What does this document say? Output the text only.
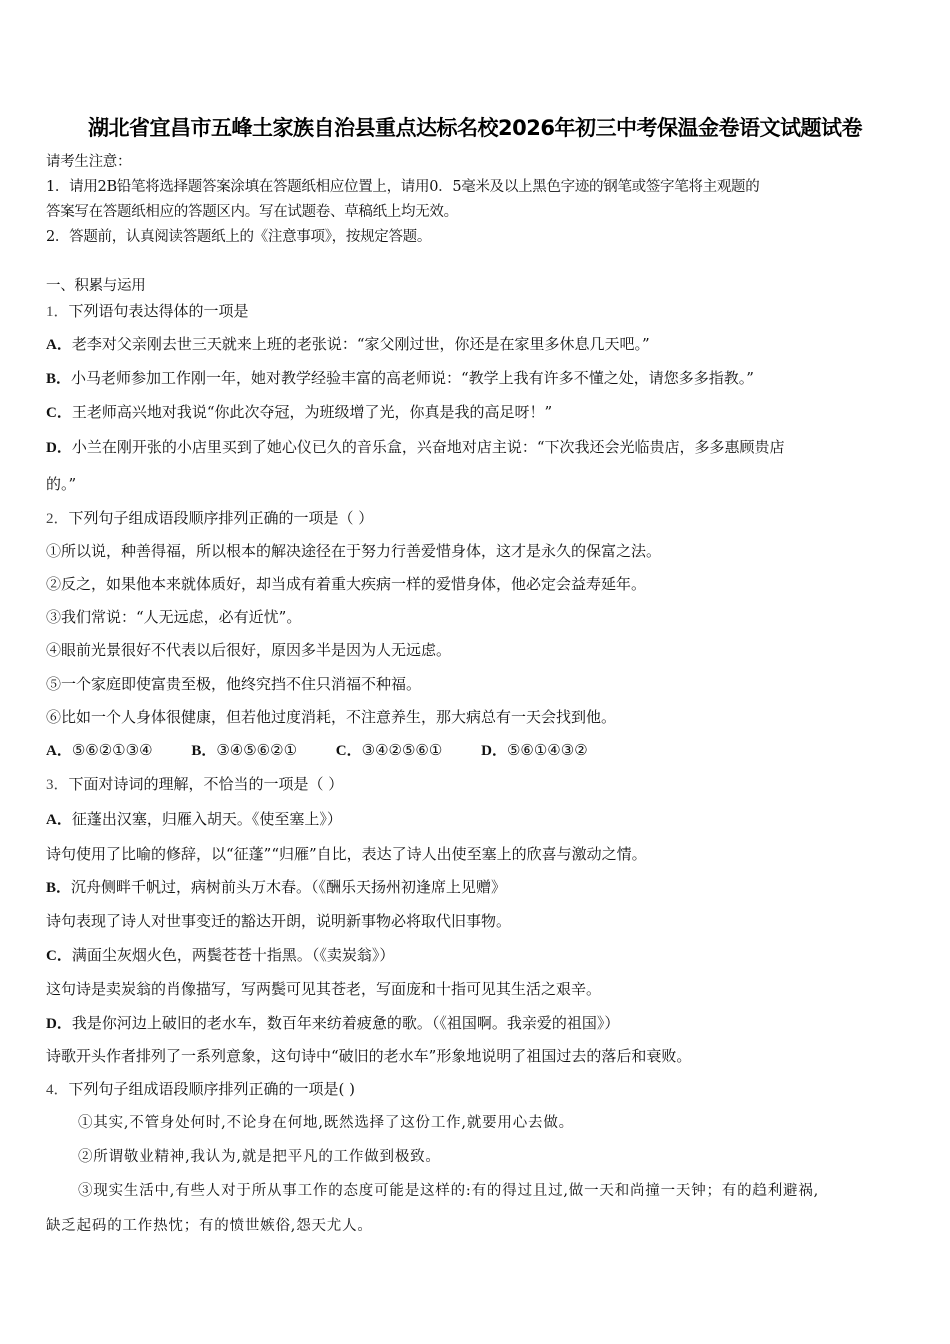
湖北省宜昌市五峰土家族自治县重点达标名校2026年初三中考保温金卷语文试题试卷
请考生注意：
1．请用2B铅笔将选择题答案涂填在答题纸相应位置上，请用0．5毫米及以上黑色字迹的钢笔或签字笔将主观题的
答案写在答题纸相应的答题区内。写在试题卷、草稿纸上均无效。
2．答题前，认真阅读答题纸上的《注意事项》，按规定答题。
一、积累与运用
1．下列语句表达得体的一项是
A．老李对父亲刚去世三天就来上班的老张说：“家父刚过世，你还是在家里多休息几天吧。”
B．小马老师参加工作刚一年，她对教学经验丰富的高老师说：“教学上我有许多不懂之处，请您多多指教。”
C．王老师高兴地对我说“你此次夺冠，为班级增了光，你真是我的高足呀！”
D．小兰在刚开张的小店里买到了她心仪已久的音乐盒，兴奋地对店主说：“下次我还会光临贵店，多多惠顾贵店
的。”
2．下列句子组成语段顺序排列正确的一项是（ ）
①所以说，种善得福，所以根本的解决途径在于努力行善爱惜身体，这才是永久的保富之法。
②反之，如果他本来就体质好，却当成有着重大疾病一样的爱惜身体，他必定会益寿延年。
③我们常说：“人无远虑，必有近忧”。
④眼前光景很好不代表以后很好，原因多半是因为人无远虑。
⑤一个家庭即使富贵至极，他终究挡不住只消福不种福。
⑥比如一个人身体很健康，但若他过度消耗，不注意养生，那大病总有一天会找到他。
A．⑤⑥②①③④	B．③④⑤⑥②①	C．③④②⑤⑥①	D．⑤⑥①④③②
3．下面对诗词的理解，不恰当的一项是（ ）
A．征蓬出汉塞，归雁入胡天。《使至塞上》）
诗句使用了比喻的修辞，以“征蓬”“归雁”自比，表达了诗人出使至塞上的欣喜与激动之情。
B．沉舟侧畔千帆过，病树前头万木春。（《酬乐天扬州初逢席上见赠》
诗句表现了诗人对世事变迁的豁达开朗，说明新事物必将取代旧事物。
C．满面尘灰烟火色，两鬓苍苍十指黑。（《卖炭翁》）
这句诗是卖炭翁的肖像描写，写两鬓可见其苍老，写面庞和十指可见其生活之艰辛。
D．我是你河边上破旧的老水车，数百年来纺着疲惫的歌。（《祖国啊。我亲爱的祖国》）
诗歌开头作者排列了一系列意象，这句诗中“破旧的老水车”形象地说明了祖国过去的落后和衰败。
4．下列句子组成语段顺序排列正确的一项是( )
①其实,不管身处何时,不论身在何地,既然选择了这份工作,就要用心去做。
②所谓敬业精神,我认为,就是把平凡的工作做到极致。
③现实生活中,有些人对于所从事工作的态度可能是这样的:有的得过且过,做一天和尚撞一天钟；有的趋利避祸,
缺乏起码的工作热忱；有的愤世嫉俗,怨天尤人。
